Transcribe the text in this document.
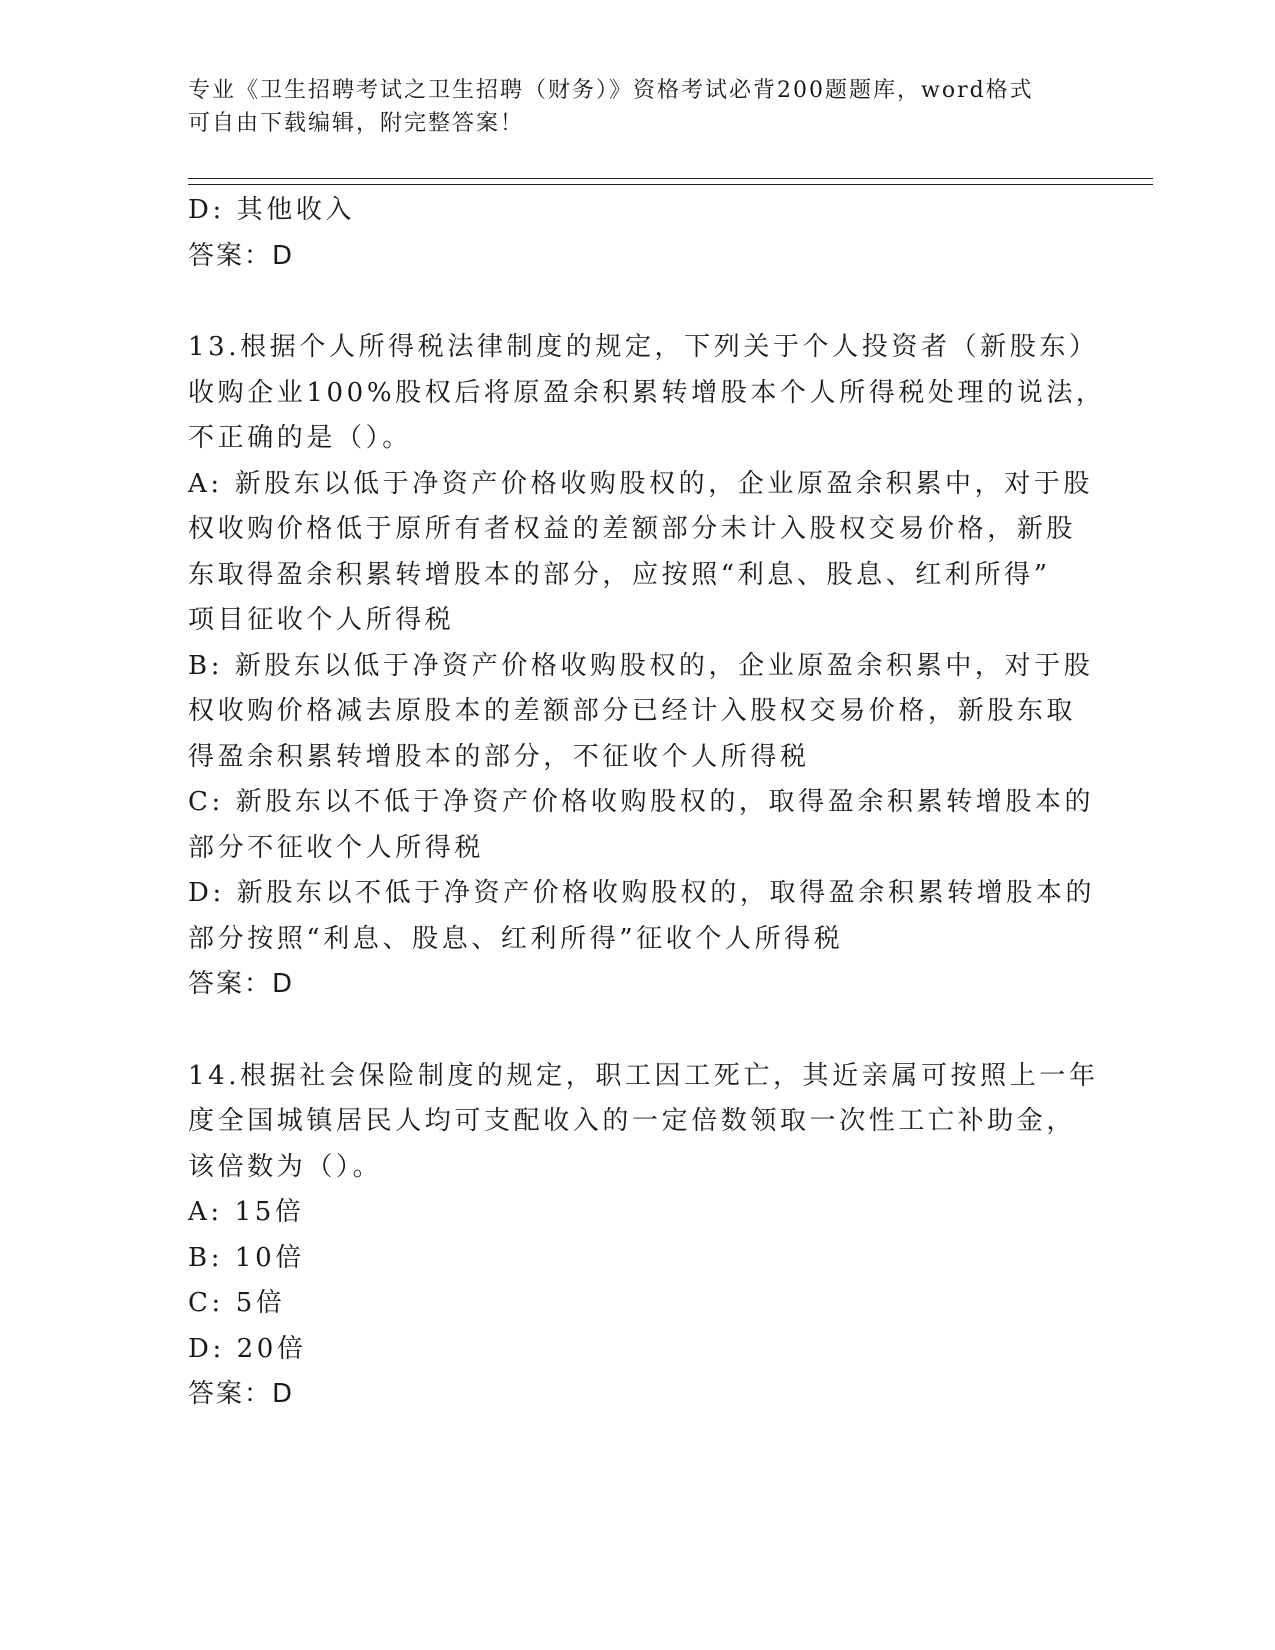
专业《卫生招聘考试之卫生招聘（财务）》资格考试必背200题题库，word格式
可自由下载编辑，附完整答案！
D: 其他收入
答案：D
13.根据个人所得税法律制度的规定，下列关于个人投资者（新股东）
收购企业100%股权后将原盈余积累转增股本个人所得税处理的说法，
不正确的是（）。
A: 新股东以低于净资产价格收购股权的，企业原盈余积累中，对于股
权收购价格低于原所有者权益的差额部分未计入股权交易价格，新股
东取得盈余积累转增股本的部分，应按照“利息、股息、红利所得”
项目征收个人所得税
B: 新股东以低于净资产价格收购股权的，企业原盈余积累中，对于股
权收购价格减去原股本的差额部分已经计入股权交易价格，新股东取
得盈余积累转增股本的部分，不征收个人所得税
C: 新股东以不低于净资产价格收购股权的，取得盈余积累转增股本的
部分不征收个人所得税
D: 新股东以不低于净资产价格收购股权的，取得盈余积累转增股本的
部分按照“利息、股息、红利所得”征收个人所得税
答案：D
14.根据社会保险制度的规定，职工因工死亡，其近亲属可按照上一年
度全国城镇居民人均可支配收入的一定倍数领取一次性工亡补助金，
该倍数为（）。
A: 15倍
B: 10倍
C: 5倍
D: 20倍
答案：D
